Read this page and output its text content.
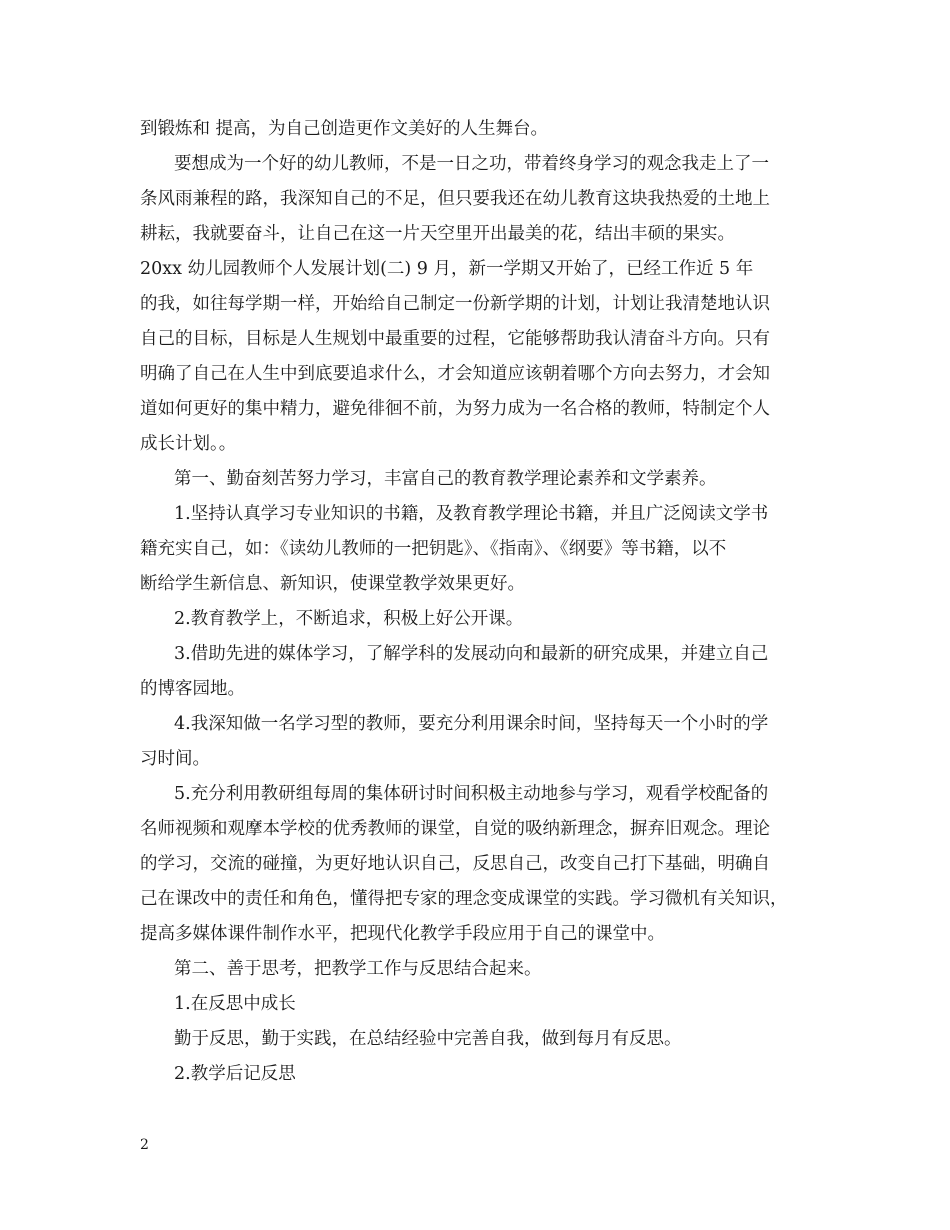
到锻炼和 提高，为自己创造更作文美好的人生舞台。

要想成为一个好的幼儿教师，不是一日之功，带着终身学习的观念我走上了一

条风雨兼程的路，我深知自己的不足，但只要我还在幼儿教育这块我热爱的土地上

耕耘，我就要奋斗，让自己在这一片天空里开出最美的花，结出丰硕的果实。

20xx 幼儿园教师个人发展计划(二) 9 月，新一学期又开始了，已经工作近 5 年

的我，如往每学期一样，开始给自己制定一份新学期的计划，计划让我清楚地认识

自己的目标，目标是人生规划中最重要的过程，它能够帮助我认清奋斗方向。只有

明确了自己在人生中到底要追求什么，才会知道应该朝着哪个方向去努力，才会知

道如何更好的集中精力，避免徘徊不前，为努力成为一名合格的教师，特制定个人

成长计划。。

第一、勤奋刻苦努力学习，丰富自己的教育教学理论素养和文学素养。

1.坚持认真学习专业知识的书籍，及教育教学理论书籍，并且广泛阅读文学书

籍充实自己，如：《读幼儿教师的一把钥匙》、《指南》、《纲要》等书籍，以不

断给学生新信息、新知识，使课堂教学效果更好。

2.教育教学上，不断追求，积极上好公开课。

3.借助先进的媒体学习，了解学科的发展动向和最新的研究成果，并建立自己

的博客园地。

4.我深知做一名学习型的教师，要充分利用课余时间，坚持每天一个小时的学

习时间。

5.充分利用教研组每周的集体研讨时间积极主动地参与学习，观看学校配备的

名师视频和观摩本学校的优秀教师的课堂，自觉的吸纳新理念，摒弃旧观念。理论

的学习，交流的碰撞，为更好地认识自己，反思自己，改变自己打下基础，明确自

己在课改中的责任和角色，懂得把专家的理念变成课堂的实践。学习微机有关知识，

提高多媒体课件制作水平，把现代化教学手段应用于自己的课堂中。

第二、善于思考，把教学工作与反思结合起来。

1.在反思中成长

勤于反思，勤于实践，在总结经验中完善自我，做到每月有反思。

2.教学后记反思

2
